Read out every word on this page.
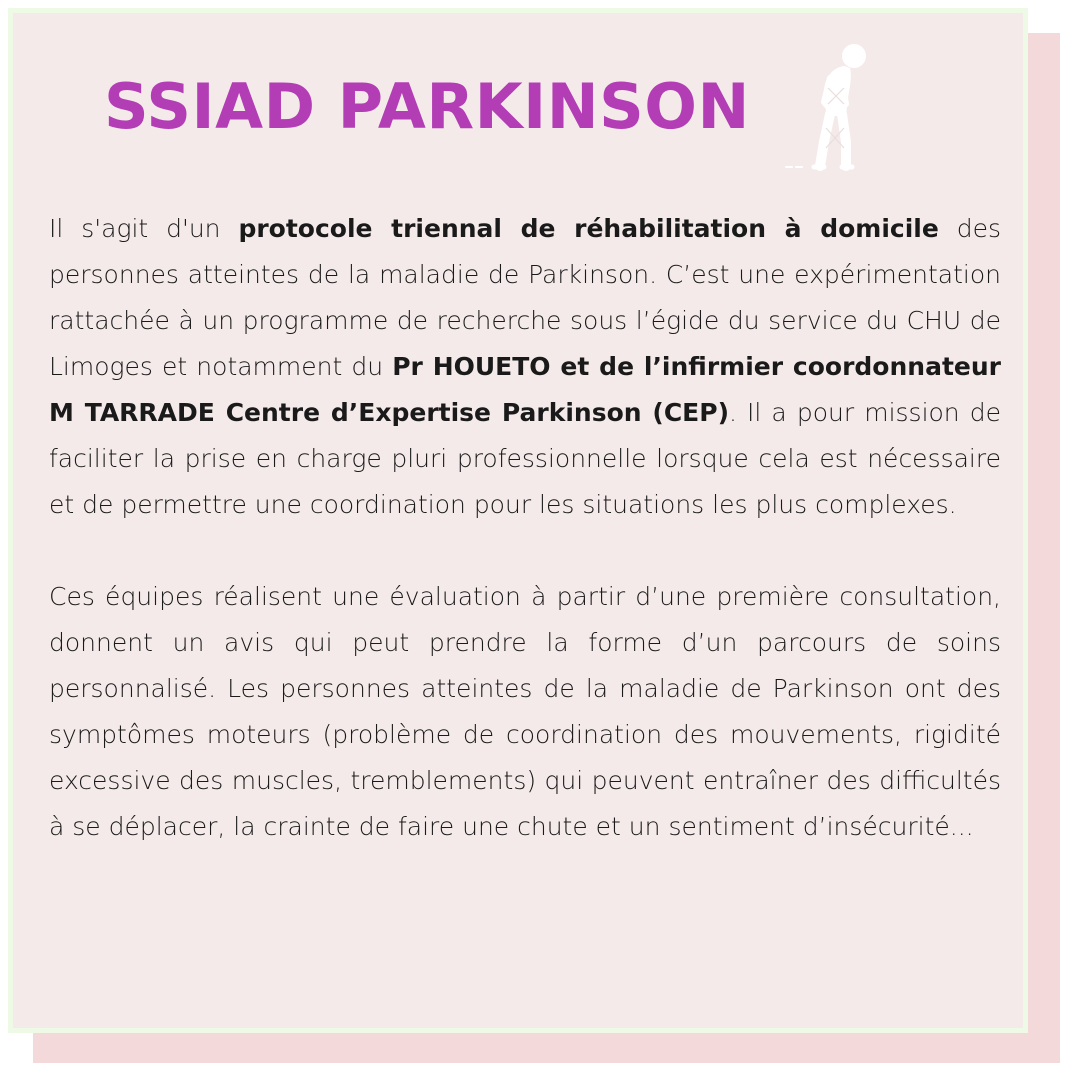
SSIAD PARKINSON

Il s'agit d'un protocole triennal de réhabilitation à domicile des personnes atteintes de la maladie de Parkinson. C’est une expérimentation rattachée à un programme de recherche sous l’égide du service du CHU de Limoges et notamment du Pr HOUETO et de l’infirmier coordonnateur M TARRADE Centre d’Expertise Parkinson (CEP). Il a pour mission de faciliter la prise en charge pluri professionnelle lorsque cela est nécessaire et de permettre une coordination pour les situations les plus complexes.

Ces équipes réalisent une évaluation à partir d’une première consultation, donnent un avis qui peut prendre la forme d’un parcours de soins personnalisé. Les personnes atteintes de la maladie de Parkinson ont des symptômes moteurs (problème de coordination des mouvements, rigidité excessive des muscles, tremblements) qui peuvent entraîner des difficultés à se déplacer, la crainte de faire une chute et un sentiment d’insécurité...
